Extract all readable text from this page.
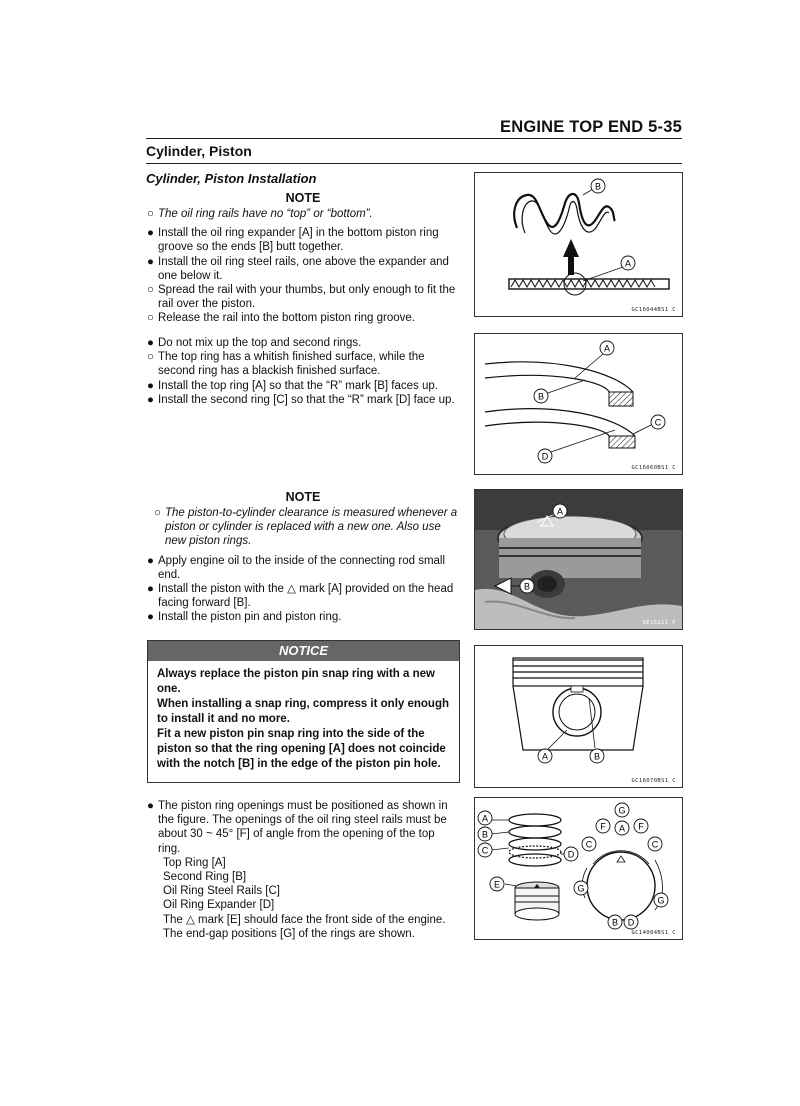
ENGINE TOP END 5-35
Cylinder, Piston
Cylinder, Piston Installation
NOTE

○ The oil ring rails have no “top” or “bottom”.

● Install the oil ring expander [A] in the bottom piston ring groove so the ends [B] butt together.

● Install the oil ring steel rails, one above the expander and one below it.

○ Spread the rail with your thumbs, but only enough to fit the rail over the piston.

○ Release the rail into the bottom piston ring groove.

● Do not mix up the top and second rings.

○ The top ring has a whitish finished surface, while the second ring has a blackish finished surface.

● Install the top ring [A] so that the “R” mark [B] faces up.

● Install the second ring [C] so that the “R” mark [D] face up.

NOTE

○ The piston-to-cylinder clearance is measured whenever a piston or cylinder is replaced with a new one. Also use new piston rings.

● Apply engine oil to the inside of the connecting rod small end.

● Install the piston with the △ mark [A] provided on the head facing forward [B].

● Install the piston pin and piston ring.

NOTICE

Always replace the piston pin snap ring with a new one.

When installing a snap ring, compress it only enough to install it and no more.

Fit a new piston pin snap ring into the side of the piston so that the ring opening [A] does not coincide with the notch [B] in the edge of the piston pin hole.

● The piston ring openings must be positioned as shown in the figure. The openings of the oil ring steel rails must be about 30 ~ 45° [F] of angle from the opening of the top ring.

Top Ring [A]

Second Ring [B]

Oil Ring Steel Rails [C]

Oil Ring Expander [D]

The △ mark [E] should face the front side of the engine.

The end-gap positions [G] of the rings are shown.

B
A
GC16044BS1 C
A
B
C
D
GC16060BS1 C
A
B
GE16211 P
A	B
GC16070BS1 C
A
B
C	D
E
F
G
A F
C	C
G
G
B D
GC14084BS1 C
